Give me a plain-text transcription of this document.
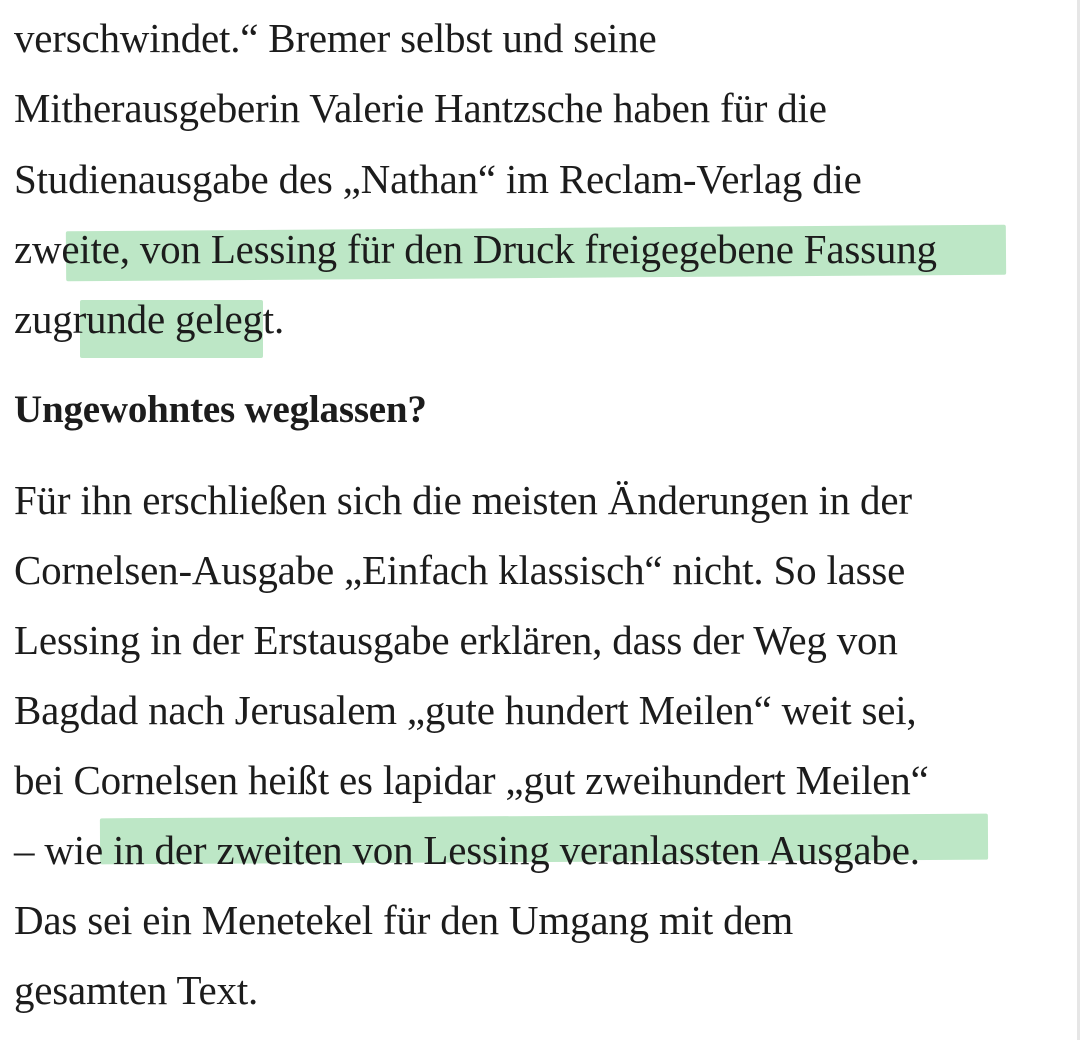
verschwindet.“ Bremer selbst und seine
Mitherausgeberin Valerie Hantzsche haben für die
Studienausgabe des „Nathan“ im Reclam-Verlag die
zweite, von Lessing für den Druck freigegebene Fassung
zugrunde gelegt.
Ungewohntes weglassen?
Für ihn erschließen sich die meisten Änderungen in der
Cornelsen-Ausgabe „Einfach klassisch“ nicht. So lasse
Lessing in der Erstausgabe erklären, dass der Weg von
Bagdad nach Jerusalem „gute hundert Meilen“ weit sei,
bei Cornelsen heißt es lapidar „gut zweihundert Meilen“
– wie in der zweiten von Lessing veranlassten Ausgabe.
Das sei ein Menetekel für den Umgang mit dem
gesamten Text.
